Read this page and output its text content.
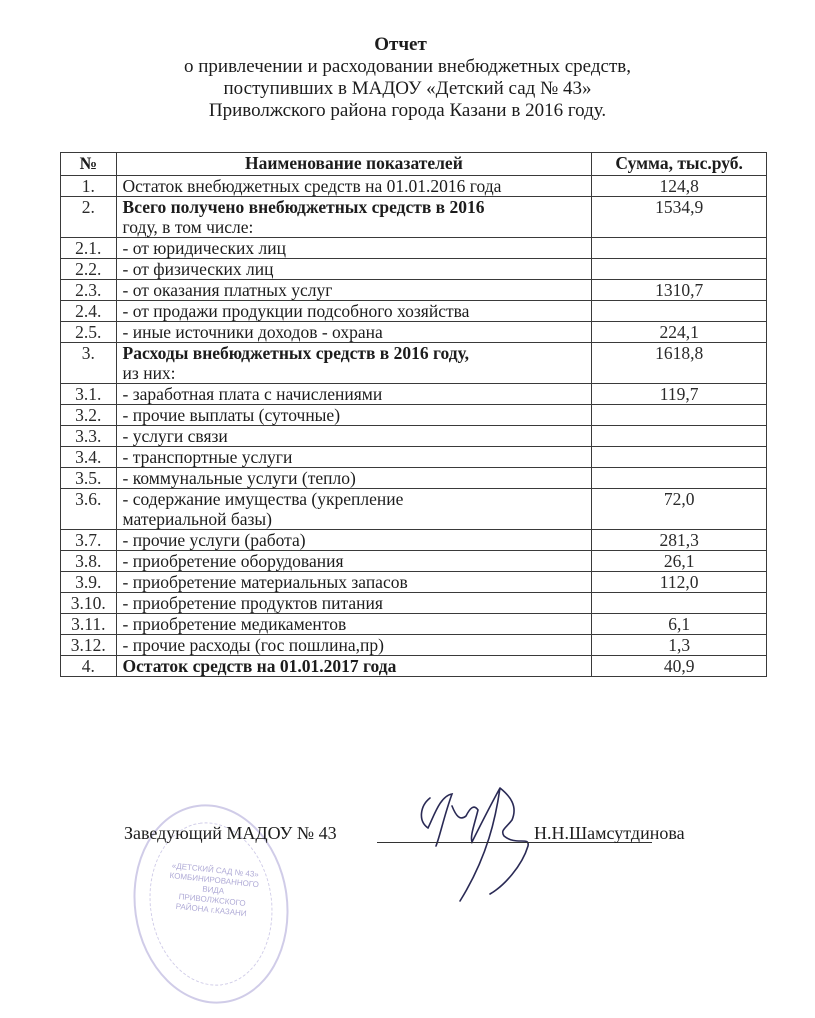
Отчет
о привлечении и расходовании внебюджетных средств,
поступивших в МАДОУ «Детский сад № 43»
Приволжского района города Казани в 2016 году.
№	Наименование показателей	Сумма, тыс.руб.
1.	Остаток внебюджетных средств на 01.01.2016 года	124,8
2.	Всего получено внебюджетных средств в 2016
году, в том числе:	1534,9
2.1.	- от юридических лиц	

2.2.	- от физических лиц	

2.3.	- от оказания платных услуг	1310,7
2.4.	- от продажи продукции подсобного хозяйства	

2.5.	- иные источники доходов - охрана	224,1
3.	Расходы внебюджетных средств в 2016 году,
из них:	1618,8
3.1.	- заработная плата с начислениями	119,7
3.2.	- прочие выплаты (суточные)	

3.3.	- услуги связи	

3.4.	- транспортные услуги	

3.5.	- коммунальные услуги (тепло)	

3.6.	- содержание имущества (укрепление
материальной базы)	72,0
3.7.	- прочие услуги (работа)	281,3
3.8.	- приобретение оборудования	26,1
3.9.	- приобретение материальных запасов	112,0
3.10.	- приобретение продуктов питания	

3.11.	- приобретение медикаментов	6,1
3.12.	- прочие расходы (гос пошлина,пр)	1,3
4.	Остаток средств на 01.01.2017 года	40,9
«ДЕТСКИЙ САД № 43» КОМБИНИРОВАННОГО ВИДА ПРИВОЛЖСКОГО РАЙОНА г.КАЗАНИ
Заведующий МАДОУ № 43	Н.Н.Шамсутдинова
